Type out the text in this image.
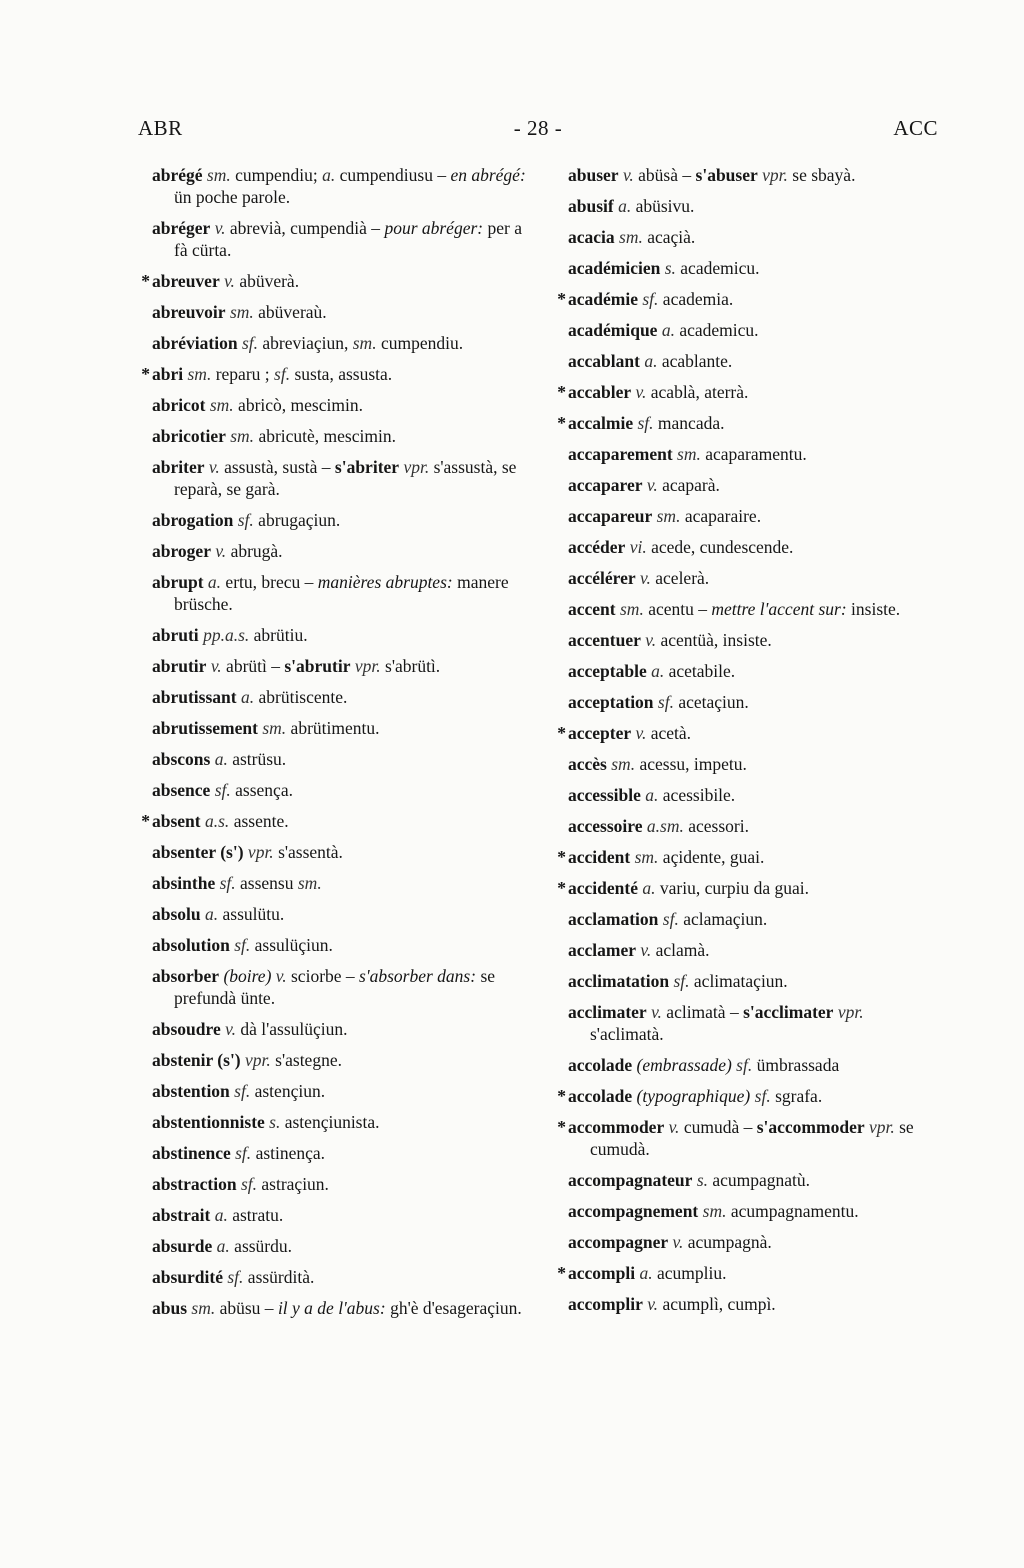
ABR	- 28 -	ACC
abrégé sm. cumpendiu; a. cumpendiusu – en abrégé: ün poche parole.
abréger v. abrevià, cumpendià – pour abréger: per a fà cürta.
* abreuver v. abüverà.
abreuvoir sm. abüveraù.
abréviation sf. abreviaçiun, sm. cumpendiu.
* abri sm. reparu ; sf. susta, assusta.
abricot sm. abricò, mescimin.
abricotier sm. abricutè, mescimin.
abriter v. assustà, sustà – s'abriter vpr. s'assustà, se reparà, se garà.
abrogation sf. abrugaçiun.
abroger v. abrugà.
abrupt a. ertu, brecu – manières abruptes: manere brüsche.
abruti pp.a.s. abrütiu.
abrutir v. abrütì – s'abrutir vpr. s'abrütì.
abrutissant a. abrütiscente.
abrutissement sm. abrütimentu.
abscons a. astrüsu.
absence sf. assença.
* absent a.s. assente.
absenter (s') vpr. s'assentà.
absinthe sf. assensu sm.
absolu a. assulütu.
absolution sf. assulüçiun.
absorber (boire) v. sciorbe – s'absorber dans: se prefundà ünte.
absoudre v. dà l'assulüçiun.
abstenir (s') vpr. s'astegne.
abstention sf. astençiun.
abstentionniste s. astençiunista.
abstinence sf. astinença.
abstraction sf. astraçiun.
abstrait a. astratu.
absurde a. assürdu.
absurdité sf. assürdità.
abus sm. abüsu – il y a de l'abus: gh'è d'esageraçiun.
abuser v. abüsà – s'abuser vpr. se sbayà.
abusif a. abüsivu.
acacia sm. acaçià.
académicien s. academicu.
* académie sf. academia.
académique a. academicu.
accablant a. acablante.
* accabler v. acablà, aterrà.
* accalmie sf. mancada.
accaparement sm. acaparamentu.
accaparer v. acaparà.
accapareur sm. acaparaire.
accéder vi. acede, cundescende.
accélérer v. acelerà.
accent sm. acentu – mettre l'accent sur: insiste.
accentuer v. acentüà, insiste.
acceptable a. acetabile.
acceptation sf. acetaçiun.
* accepter v. acetà.
accès sm. acessu, impetu.
accessible a. acessibile.
accessoire a.sm. acessori.
* accident sm. açidente, guai.
* accidenté a. variu, curpiu da guai.
acclamation sf. aclamaçiun.
acclamer v. aclamà.
acclimatation sf. aclimataçiun.
acclimater v. aclimatà – s'acclimater vpr. s'aclimatà.
accolade (embrassade) sf. ümbrassada
* accolade (typographique) sf. sgrafa.
* accommoder v. cumudà – s'accommoder vpr. se cumudà.
accompagnateur s. acumpagnatù.
accompagnement sm. acumpagnamentu.
accompagner v. acumpagnà.
* accompli a. acumpliu.
accomplir v. acumplì, cumpì.
